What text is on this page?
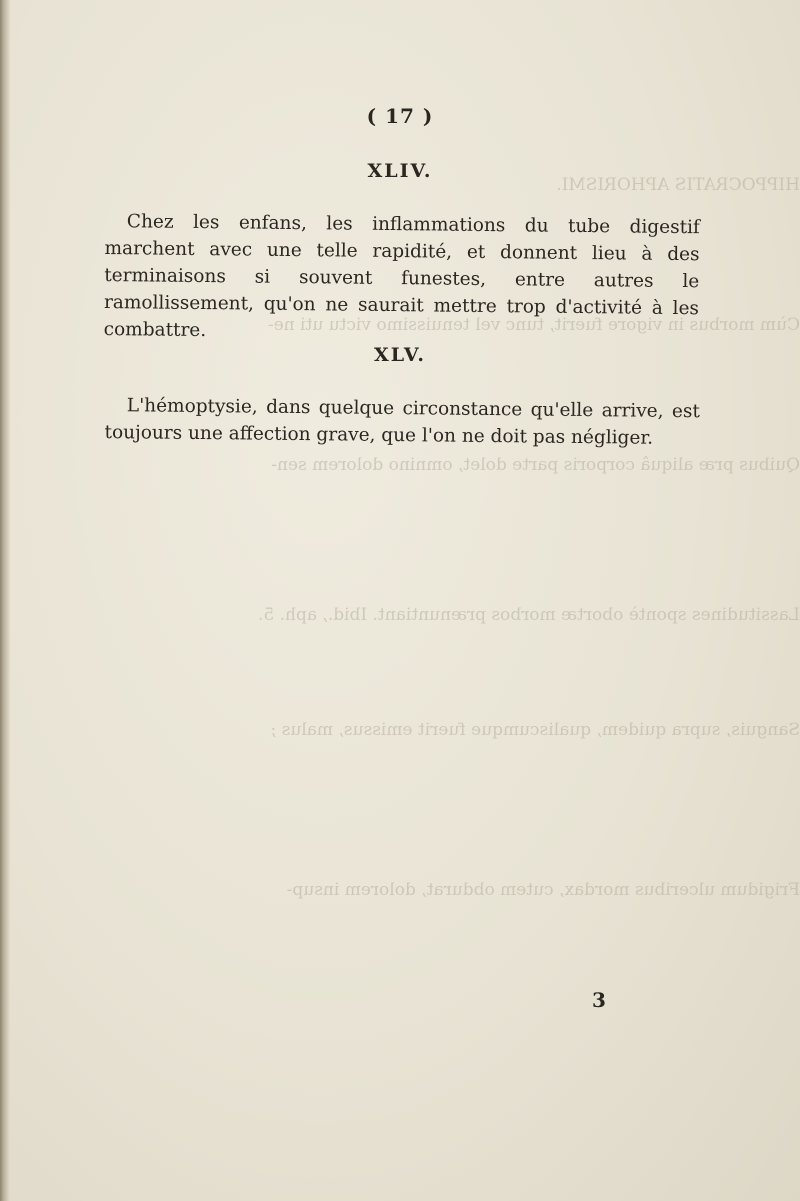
HIPPOCRATIS APHORISMI.
Cùm morbus in vigore fuerit, tunc vel tenuissimo victu uti ne-
Quibus præ aliquâ corporis parte dolet, omnino dolorem sen-
Lassitudines spontè obortæ morbos prænuntiant. Ibid., aph. 5.
Sanguis, supra quidem, qualiscumque fuerit emissus, malus ;
Frigidum ulceribus mordax, cutem obdurat, dolorem insup-
( 17 )
XLIV.
Chez les enfans, les inflammations du tube digestif marchent avec une telle rapidité, et donnent lieu à des terminaisons si souvent funestes, entre autres le ramollissement, qu'on ne saurait mettre trop d'activité à les combattre.
XLV.
L'hémoptysie, dans quelque circonstance qu'elle arrive, est toujours une affection grave, que l'on ne doit pas négliger.
3
